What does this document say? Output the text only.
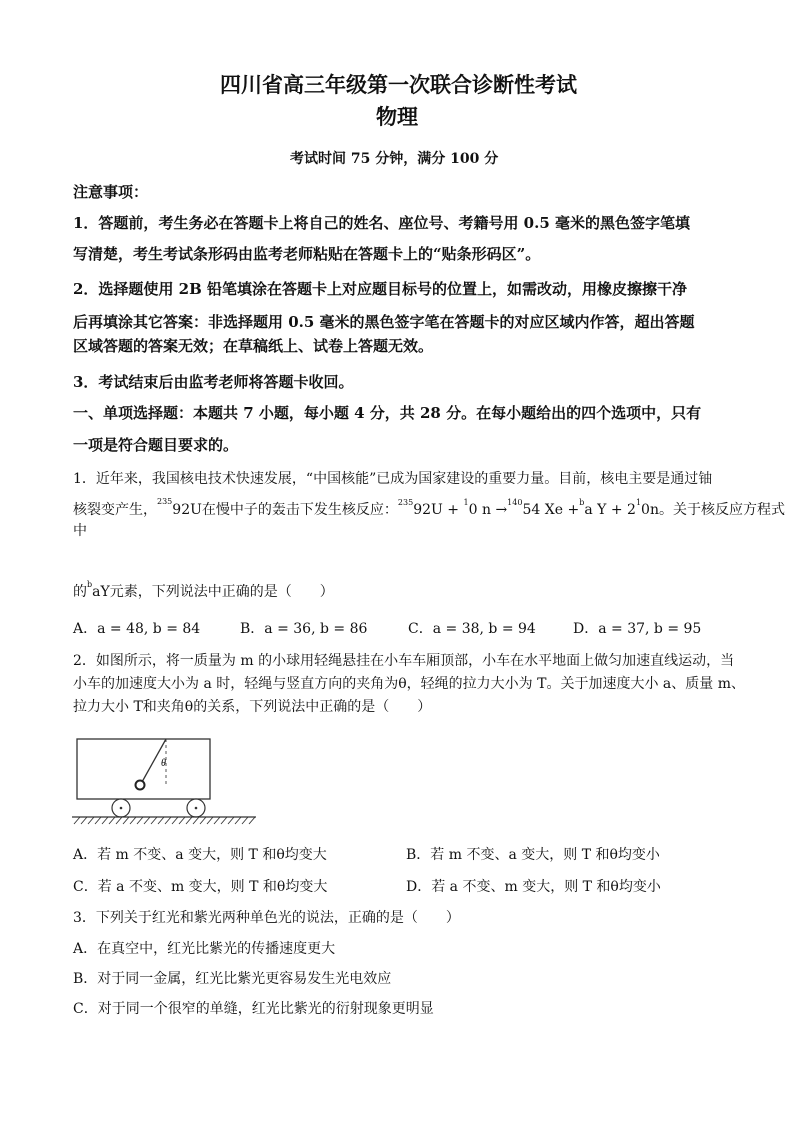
四川省高三年级第一次联合诊断性考试
物理
考试时间 75 分钟，满分 100 分
注意事项：
1．答题前，考生务必在答题卡上将自己的姓名、座位号、考籍号用 0.5 毫米的黑色签字笔填
写清楚，考生考试条形码由监考老师粘贴在答题卡上的“贴条形码区”。
2．选择题使用 2B 铅笔填涂在答题卡上对应题目标号的位置上，如需改动，用橡皮擦擦干净
后再填涂其它答案：非选择题用 0.5 毫米的黑色签字笔在答题卡的对应区域内作答，超出答题
区域答题的答案无效；在草稿纸上、试卷上答题无效。
3．考试结束后由监考老师将答题卡收回。
一、单项选择题：本题共 7 小题，每小题 4 分，共 28 分。在每小题给出的四个选项中，只有
一项是符合题目要求的。
1．近年来，我国核电技术快速发展，“中国核能”已成为国家建设的重要力量。目前，核电主要是通过铀
核裂变产生，$^{235}$92U在慢中子的轰击下发生核反应：$^{235}$92U + $^1$0 n →$^{140}$54 Xe +$^b$a $Y + 2^10n$。关于核反应方程式
中
的$^b$aY元素，下列说法中正确的是（　　）
A．a = 48, b = 84	B．a = 36, b = 86	C．a = 38, b = 94	D．a = 37, b = 95
2．如图所示，将一质量为 m 的小球用轻绳悬挂在小车车厢顶部，小车在水平地面上做匀加速直线运动，当
小车的加速度大小为 a 时，轻绳与竖直方向的夹角为θ，轻绳的拉力大小为 T。关于加速度大小 a、质量 m、
拉力大小 T和夹角θ的关系，下列说法中正确的是（　　）
θ
A．若 m 不变、a 变大，则 T 和θ均变大	B．若 m 不变、a 变大，则 T 和θ均变小
C．若 a 不变、m 变大，则 T 和θ均变大	D．若 a 不变、m 变大，则 T 和θ均变小
3．下列关于红光和紫光两种单色光的说法，正确的是（　　）
A．在真空中，红光比紫光的传播速度更大
B．对于同一金属，红光比紫光更容易发生光电效应
C．对于同一个很窄的单缝，红光比紫光的衍射现象更明显
